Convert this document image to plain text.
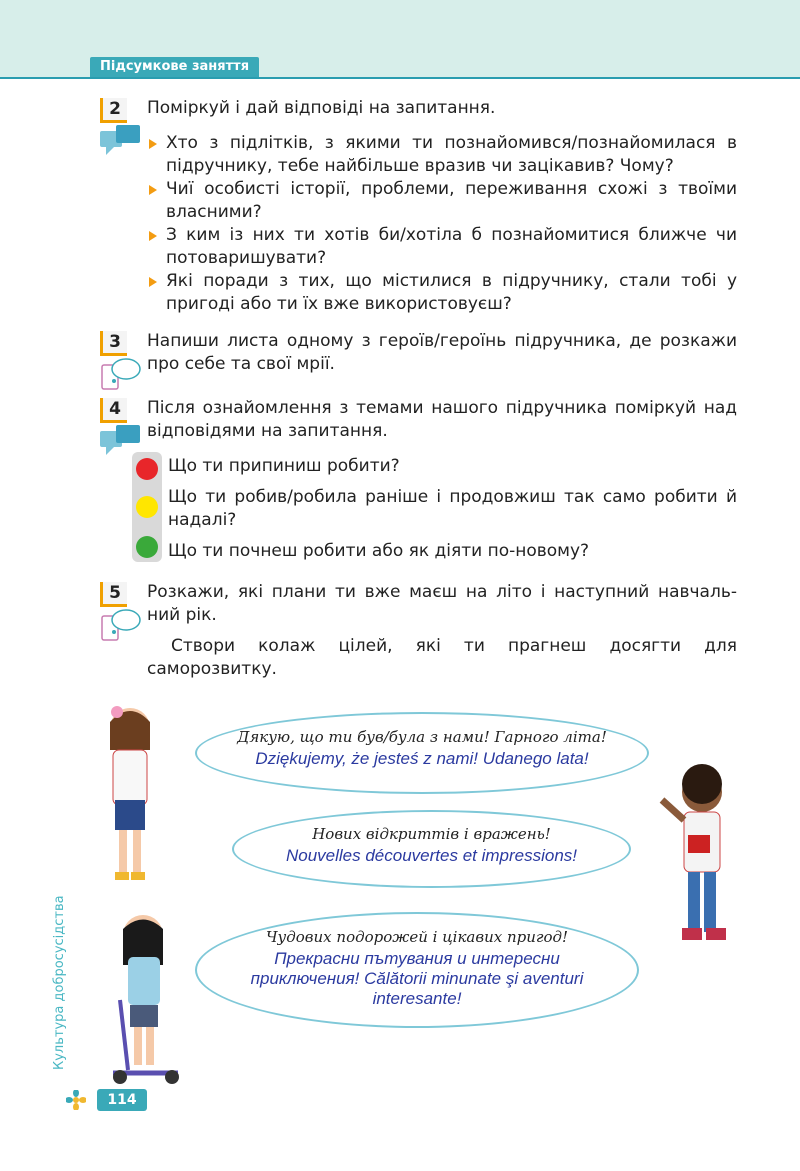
Підсумкове заняття
2	Поміркуй і дай відповіді на запитання.
Хто з підлітків, з якими ти познайомився/познайомилася в підручнику, тебе найбільше вразив чи зацікавив? Чому?
Чиї особисті історії, проблеми, переживання схожі з твоїми власними?
З ким із них ти хотів би/хотіла б познайомитися ближче чи потоваришувати?
Які поради з тих, що містилися в підручнику, стали тобі у пригоді або ти їх вже використовуєш?
3	Напиши листа одному з героїв/героїнь підручника, де розкажи про себе та свої мрії.
4	Після ознайомлення з темами нашого підручника поміркуй над відповідями на запитання.
Що ти припиниш робити?
Що ти робив/робила раніше і продовжиш так само робити й надалі?
Що ти почнеш робити або як діяти по-новому?
5	Розкажи, які плани ти вже маєш на літо і наступний навчаль-ний рік.
Створи колаж цілей, які ти прагнеш досягти для саморозвитку.
Дякую, що ти був/була з нами! Гарного літа!
Dziękujemy, że jesteś z nami! Udanego lata!
Нових відкриттів і вражень!
Nouvelles découvertes et impressions!
Чудових подорожей і цікавих пригод!
Прекрасни пътувания и интересни приключения! Călătorii minunate şi aventuri interesante!
Культура добросусідства
114
